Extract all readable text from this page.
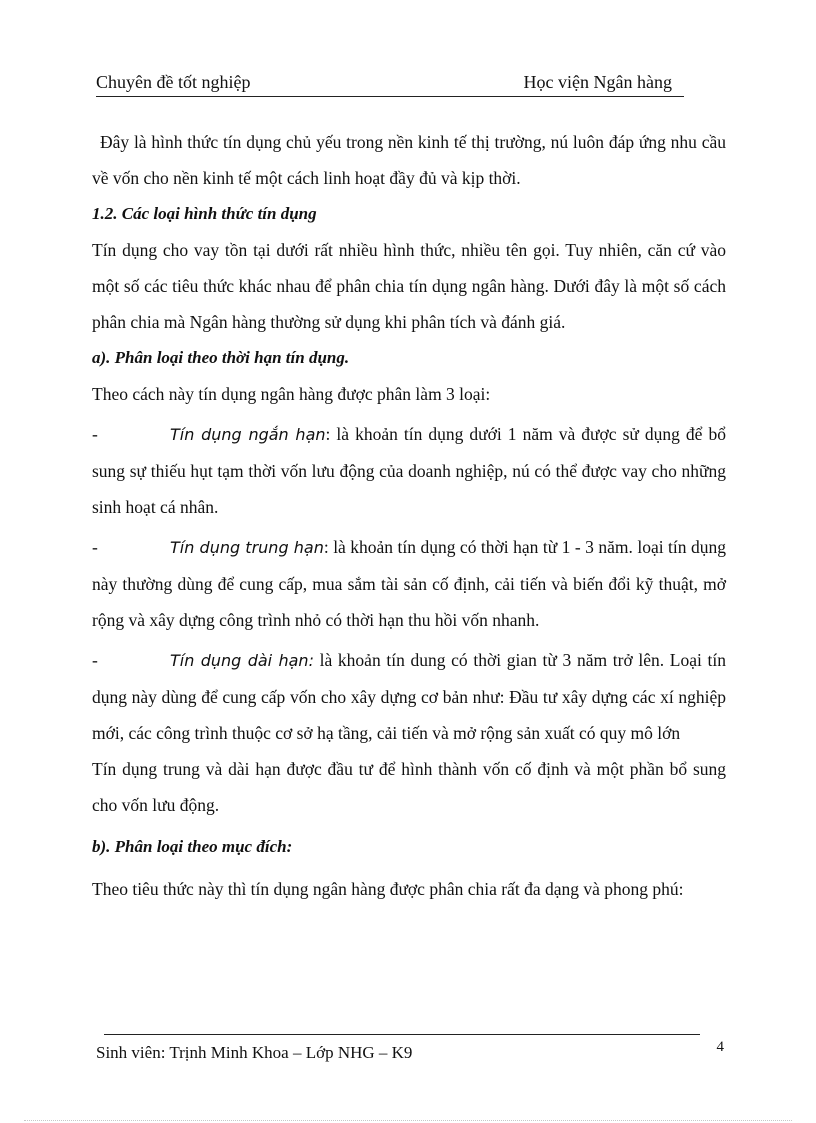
Chuyên đề tốt nghiệp	Học viện Ngân hàng

Đây là hình thức tín dụng chủ yếu trong nền kinh tế thị trường, nú luôn đáp ứng nhu cầu về vốn cho nền kinh tế một cách linh hoạt đầy đủ và kịp thời.

1.2. Các loại hình thức tín dụng

Tín dụng cho vay tồn tại dưới rất nhiều hình thức, nhiều tên gọi. Tuy nhiên, căn cứ vào một số các tiêu thức khác nhau để phân chia tín dụng ngân hàng. Dưới đây là một số cách phân chia mà Ngân hàng thường sử dụng khi phân tích và đánh giá.

a). Phân loại theo thời hạn tín dụng.

Theo cách này tín dụng ngân hàng được phân làm 3 loại:

-	Tín dụng ngắn hạn: là khoản tín dụng dưới 1 năm và được sử dụng để bổ sung sự thiếu hụt tạm thời vốn lưu động của doanh nghiệp, nú có thể được vay cho những sinh hoạt cá nhân.

-	Tín dụng trung hạn: là khoản tín dụng có thời hạn từ 1 - 3 năm. loại tín dụng này thường dùng để cung cấp, mua sắm tài sản cố định, cải tiến và biến đổi kỹ thuật, mở rộng và xây dựng công trình nhỏ có thời hạn thu hồi vốn nhanh.

-	Tín dụng dài hạn: là khoản tín dung có thời gian từ 3 năm trở lên. Loại tín dụng này dùng để cung cấp vốn cho xây dựng cơ bản như: Đầu tư xây dựng các xí nghiệp mới, các công trình thuộc cơ sở hạ tầng, cải tiến và mở rộng sản xuất có quy mô lớn

Tín dụng trung và dài hạn được đầu tư để hình thành vốn cố định và một phần bổ sung cho vốn lưu động.

b). Phân loại theo mục đích:

Theo tiêu thức này thì tín dụng ngân hàng được phân chia rất đa dạng và phong phú:

Sinh viên: Trịnh Minh Khoa – Lớp NHG – K9	4
